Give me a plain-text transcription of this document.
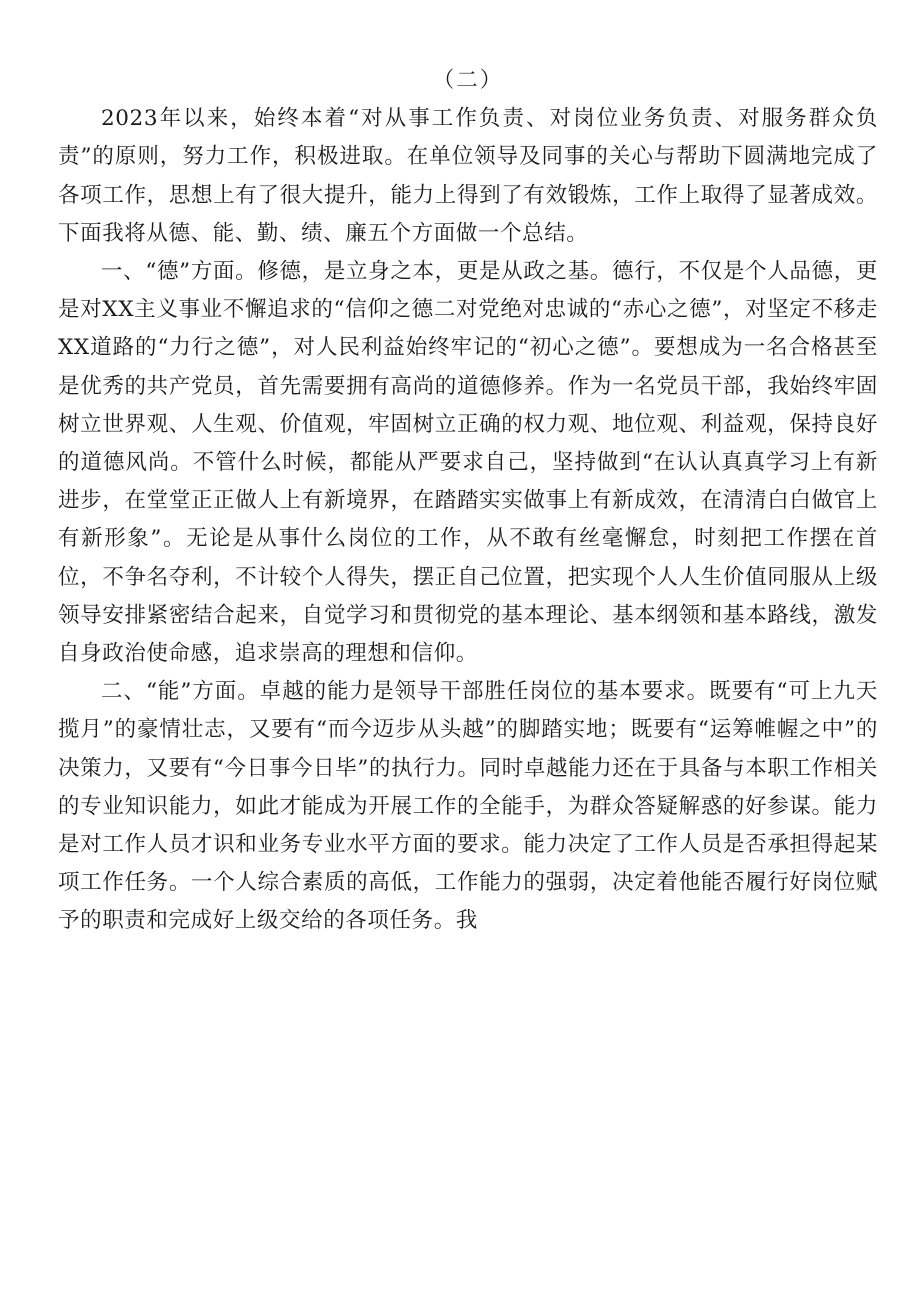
（二）

2023年以来，始终本着“对从事工作负责、对岗位业务负责、对服务群众负责”的原则，努力工作，积极进取。在单位领导及同事的关心与帮助下圆满地完成了各项工作，思想上有了很大提升，能力上得到了有效锻炼，工作上取得了显著成效。下面我将从德、能、勤、绩、廉五个方面做一个总结。

一、“德”方面。修德，是立身之本，更是从政之基。德行，不仅是个人品德，更是对XX主义事业不懈追求的“信仰之德二对党绝对忠诚的“赤心之德”，对坚定不移走XX道路的“力行之德”，对人民利益始终牢记的“初心之德”。要想成为一名合格甚至是优秀的共产党员，首先需要拥有高尚的道德修养。作为一名党员干部，我始终牢固树立世界观、人生观、价值观，牢固树立正确的权力观、地位观、利益观，保持良好的道德风尚。不管什么时候，都能从严要求自己，坚持做到“在认认真真学习上有新进步，在堂堂正正做人上有新境界，在踏踏实实做事上有新成效，在清清白白做官上有新形象”。无论是从事什么岗位的工作，从不敢有丝毫懈怠，时刻把工作摆在首位，不争名夺利，不计较个人得失，摆正自己位置，把实现个人人生价值同服从上级领导安排紧密结合起来，自觉学习和贯彻党的基本理论、基本纲领和基本路线，激发自身政治使命感，追求崇高的理想和信仰。

二、“能”方面。卓越的能力是领导干部胜任岗位的基本要求。既要有“可上九天揽月”的豪情壮志，又要有“而今迈步从头越”的脚踏实地；既要有“运筹帷幄之中”的决策力，又要有“今日事今日毕”的执行力。同时卓越能力还在于具备与本职工作相关的专业知识能力，如此才能成为开展工作的全能手，为群众答疑解惑的好参谋。能力是对工作人员才识和业务专业水平方面的要求。能力决定了工作人员是否承担得起某项工作任务。一个人综合素质的高低，工作能力的强弱，决定着他能否履行好岗位赋予的职责和完成好上级交给的各项任务。我
